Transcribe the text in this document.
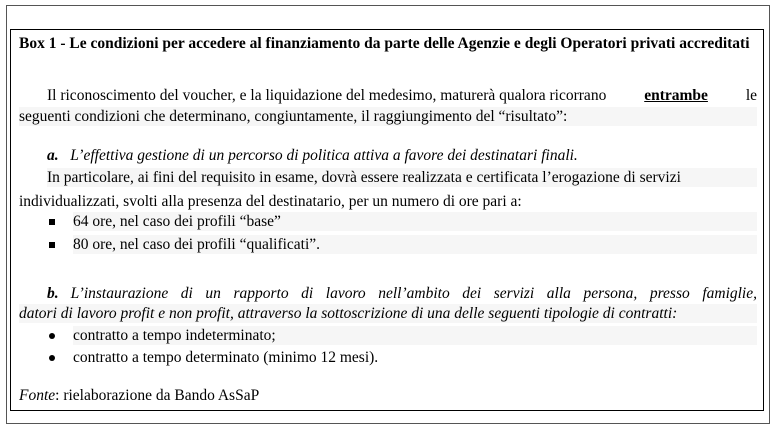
Box 1 - Le condizioni per accedere al finanziamento da parte delle Agenzie e degli Operatori privati accreditati
Il riconoscimento del voucher, e la liquidazione del medesimo, maturerà qualora ricorrano entrambe le
seguenti condizioni che determinano, congiuntamente, il raggiungimento del “risultato”:
a. L’effettiva gestione di un percorso di politica attiva a favore dei destinatari finali.
In particolare, ai fini del requisito in esame, dovrà essere realizzata e certificata l’erogazione di servizi
individualizzati, svolti alla presenza del destinatario, per un numero di ore pari a:
64 ore, nel caso dei profili “base”
80 ore, nel caso dei profili “qualificati”.
b. L’instaurazione di un rapporto di lavoro nell’ambito dei servizi alla persona, presso famiglie,
datori di lavoro profit e non profit, attraverso la sottoscrizione di una delle seguenti tipologie di contratti:
contratto a tempo indeterminato;
contratto a tempo determinato (minimo 12 mesi).
Fonte: rielaborazione da Bando AsSaP
